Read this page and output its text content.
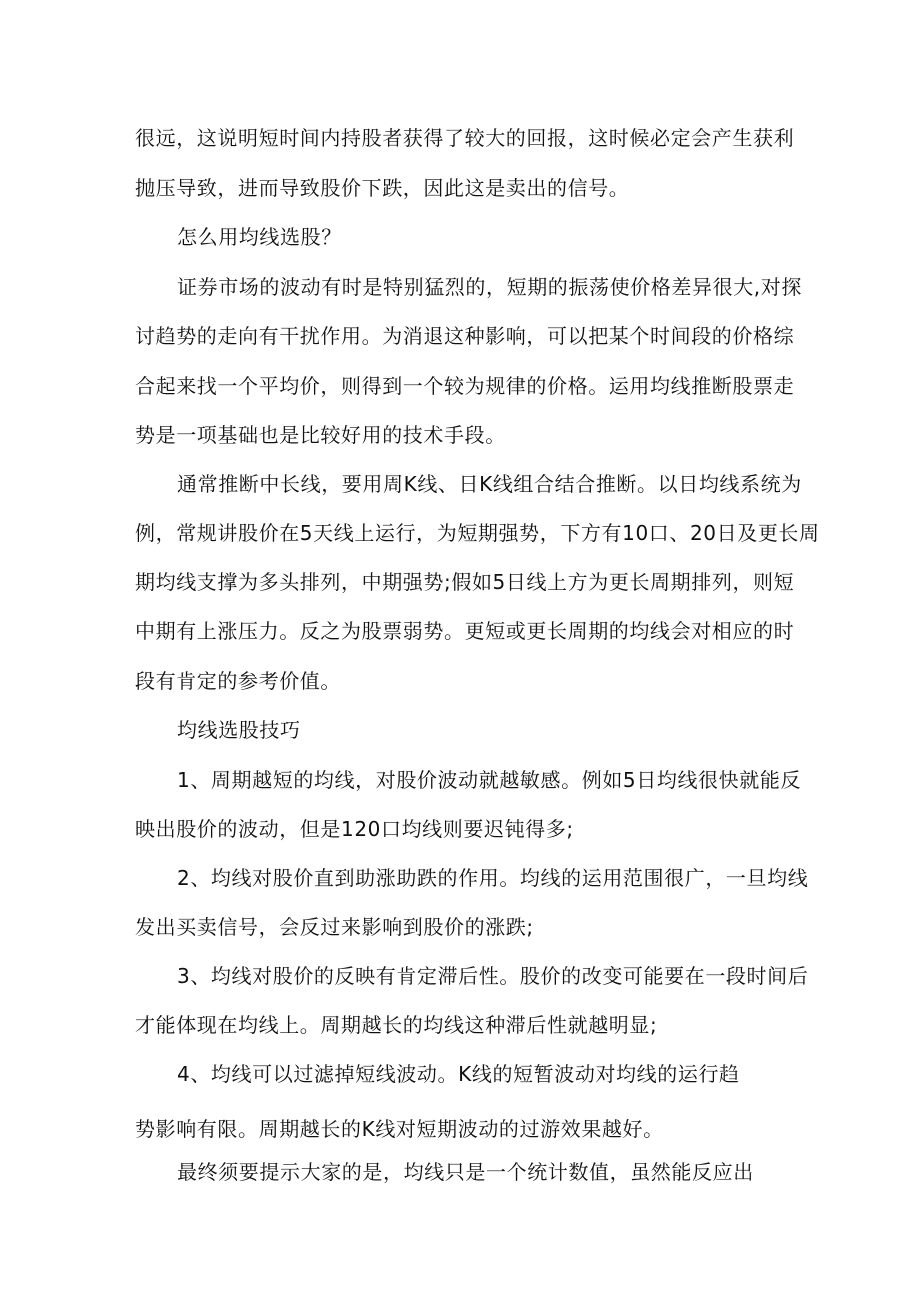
很远，这说明短时间内持股者获得了较大的回报，这时候必定会产生获利
抛压导致，进而导致股价下跌，因此这是卖出的信号。
怎么用均线选股？
证券市场的波动有时是特别猛烈的，短期的振荡使价格差异很大,对探
讨趋势的走向有干扰作用。为消退这种影响，可以把某个时间段的价格综
合起来找一个平均价，则得到一个较为规律的价格。运用均线推断股票走
势是一项基础也是比较好用的技术手段。
通常推断中长线，要用周K线、日K线组合结合推断。以日均线系统为
例，常规讲股价在5天线上运行，为短期强势，下方有10口、20日及更长周
期均线支撑为多头排列，中期强势;假如5日线上方为更长周期排列，则短
中期有上涨压力。反之为股票弱势。更短或更长周期的均线会对相应的时
段有肯定的参考价值。
均线选股技巧
1、周期越短的均线，对股价波动就越敏感。例如5日均线很快就能反
映出股价的波动，但是120口均线则要迟钝得多;
2、均线对股价直到助涨助跌的作用。均线的运用范围很广，一旦均线
发出买卖信号，会反过来影响到股价的涨跌;
3、均线对股价的反映有肯定滞后性。股价的改变可能要在一段时间后
才能体现在均线上。周期越长的均线这种滞后性就越明显;
4、均线可以过滤掉短线波动。K线的短暂波动对均线的运行趋
势影响有限。周期越长的K线对短期波动的过游效果越好。
最终须要提示大家的是，均线只是一个统计数值，虽然能反应出
